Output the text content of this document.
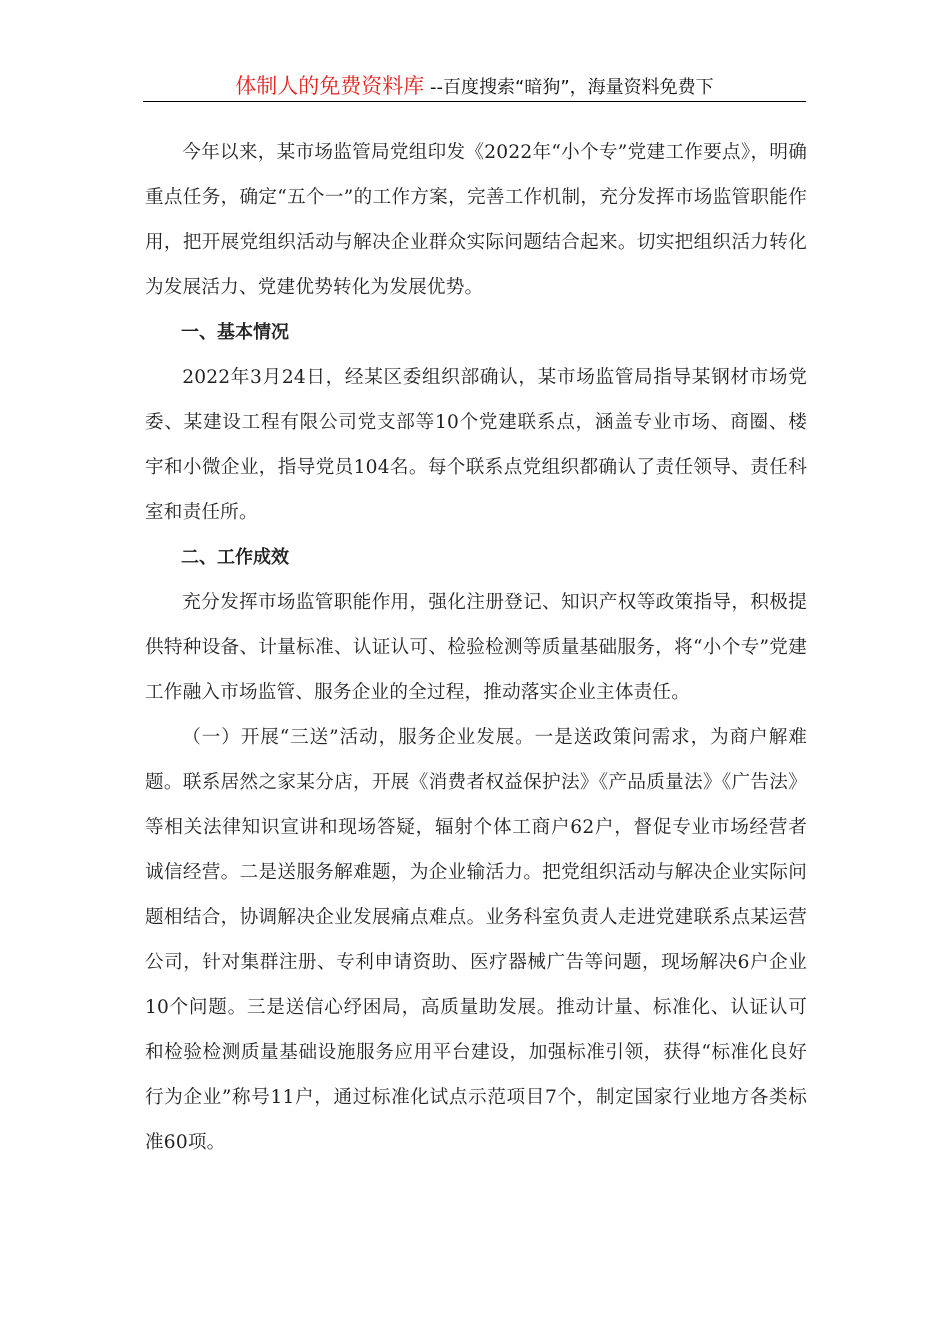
体制人的免费资料库 --百度搜索“暗狗”，海量资料免费下

今年以来，某市场监管局党组印发《2022年“小个专”党建工作要点》，明确重点任务，确定“五个一”的工作方案，完善工作机制，充分发挥市场监管职能作用，把开展党组织活动与解决企业群众实际问题结合起来。切实把组织活力转化为发展活力、党建优势转化为发展优势。

一、基本情况

2022年3月24日，经某区委组织部确认，某市场监管局指导某钢材市场党委、某建设工程有限公司党支部等10个党建联系点，涵盖专业市场、商圈、楼宇和小微企业，指导党员104名。每个联系点党组织都确认了责任领导、责任科室和责任所。

二、工作成效

充分发挥市场监管职能作用，强化注册登记、知识产权等政策指导，积极提供特种设备、计量标准、认证认可、检验检测等质量基础服务，将“小个专”党建工作融入市场监管、服务企业的全过程，推动落实企业主体责任。

（一）开展“三送”活动，服务企业发展。一是送政策问需求，为商户解难题。联系居然之家某分店，开展《消费者权益保护法》《产品质量法》《广告法》等相关法律知识宣讲和现场答疑，辐射个体工商户62户，督促专业市场经营者诚信经营。二是送服务解难题，为企业输活力。把党组织活动与解决企业实际问题相结合，协调解决企业发展痛点难点。业务科室负责人走进党建联系点某运营公司，针对集群注册、专利申请资助、医疗器械广告等问题，现场解决6户企业10个问题。三是送信心纾困局，高质量助发展。推动计量、标准化、认证认可和检验检测质量基础设施服务应用平台建设，加强标准引领，获得“标准化良好行为企业”称号11户，通过标准化试点示范项目7个，制定国家行业地方各类标准60项。
